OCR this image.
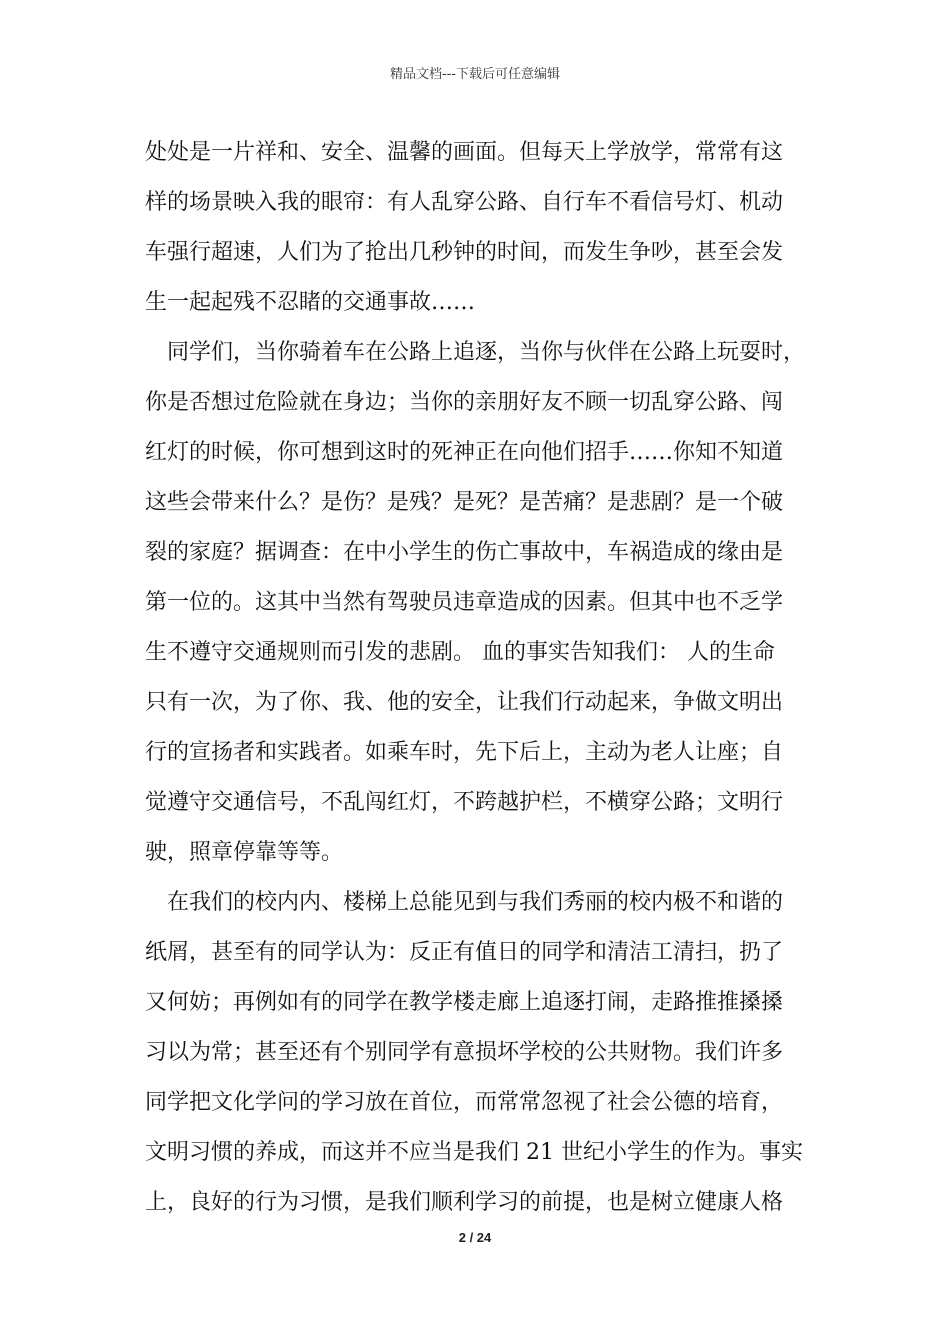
精品文档---下载后可任意编辑
处处是一片祥和、安全、温馨的画面。但每天上学放学，常常有这
样的场景映入我的眼帘：有人乱穿公路、自行车不看信号灯、机动
车强行超速，人们为了抢出几秒钟的时间，而发生争吵，甚至会发
生一起起残不忍睹的交通事故……
同学们，当你骑着车在公路上追逐，当你与伙伴在公路上玩耍时，
你是否想过危险就在身边；当你的亲朋好友不顾一切乱穿公路、闯
红灯的时候，你可想到这时的死神正在向他们招手……你知不知道
这些会带来什么？是伤？是残？是死？是苦痛？是悲剧？是一个破
裂的家庭？据调查：在中小学生的伤亡事故中，车祸造成的缘由是
第一位的。这其中当然有驾驶员违章造成的因素。但其中也不乏学
生不遵守交通规则而引发的悲剧。 血的事实告知我们： 人的生命
只有一次，为了你、我、他的安全，让我们行动起来，争做文明出
行的宣扬者和实践者。如乘车时，先下后上，主动为老人让座；自
觉遵守交通信号，不乱闯红灯，不跨越护栏，不横穿公路；文明行
驶，照章停靠等等。
在我们的校内内、楼梯上总能见到与我们秀丽的校内极不和谐的
纸屑，甚至有的同学认为：反正有值日的同学和清洁工清扫，扔了
又何妨；再例如有的同学在教学楼走廊上追逐打闹，走路推推搡搡
习以为常；甚至还有个别同学有意损坏学校的公共财物。我们许多
同学把文化学问的学习放在首位，而常常忽视了社会公德的培育，
文明习惯的养成，而这并不应当是我们 21 世纪小学生的作为。事实
上，良好的行为习惯，是我们顺利学习的前提，也是树立健康人格
2 / 24
